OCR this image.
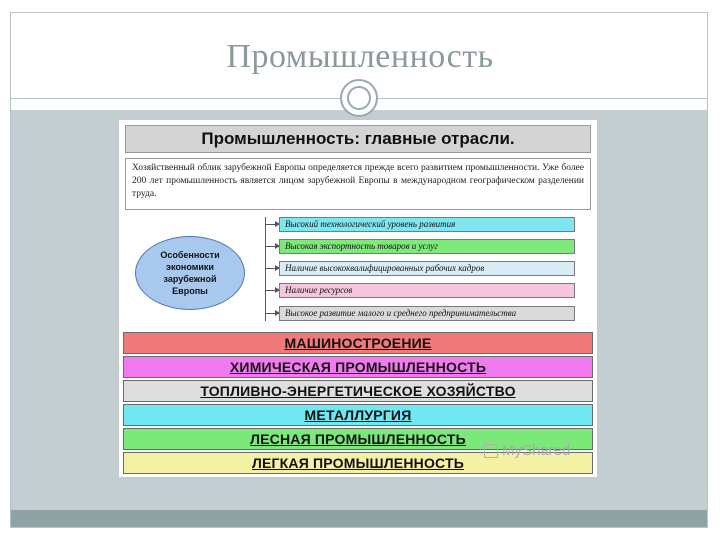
Промышленность
Промышленность: главные отрасли.
Хозяйственный облик зарубежной Европы определяется прежде всего развитием промышленности. Уже более 200 лет промышленность является лицом зарубежной Европы в международном географическом разделении труда.
Особенности экономики зарубежной Европы
Высокий технологический уровень развития
Высокая экспортность товаров и услуг
Наличие высококвалифицированных рабочих кадров
Наличие ресурсов
Высокое развитие малого и среднего предпринимательства
МАШИНОСТРОЕНИЕ
ХИМИЧЕСКАЯ ПРОМЫШЛЕННОСТЬ
ТОПЛИВНО-ЭНЕРГЕТИЧЕСКОЕ ХОЗЯЙСТВО
МЕТАЛЛУРГИЯ
ЛЕСНАЯ ПРОМЫШЛЕННОСТЬ
ЛЕГКАЯ ПРОМЫШЛЕННОСТЬ
MyShared
